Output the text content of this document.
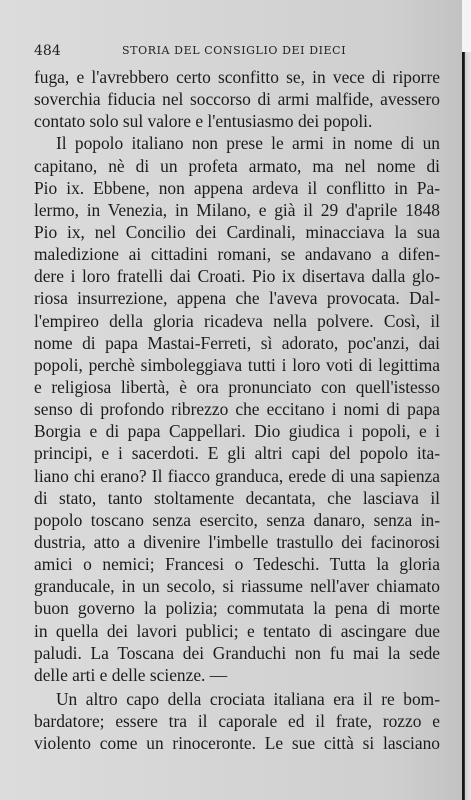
484	STORIA DEL CONSIGLIO DEI DIECI
fuga, e l'avrebbero certo sconfitto se, in vece di riporre
soverchia fiducia nel soccorso di armi malfide, avessero
contato solo sul valore e l'entusiasmo dei popoli.
Il popolo italiano non prese le armi in nome di un
capitano, nè di un profeta armato, ma nel nome di
Pio ix. Ebbene, non appena ardeva il conflitto in Pa-
lermo, in Venezia, in Milano, e già il 29 d'aprile 1848
Pio ix, nel Concilio dei Cardinali, minacciava la sua
maledizione ai cittadini romani, se andavano a difen-
dere i loro fratelli dai Croati. Pio ix disertava dalla glo-
riosa insurrezione, appena che l'aveva provocata. Dal-
l'empireo della gloria ricadeva nella polvere. Così, il
nome di papa Mastai-Ferreti, sì adorato, poc'anzi, dai
popoli, perchè simboleggiava tutti i loro voti di legittima
e religiosa libertà, è ora pronunciato con quell'istesso
senso di profondo ribrezzo che eccitano i nomi di papa
Borgia e di papa Cappellari. Dio giudica i popoli, e i
principi, e i sacerdoti. E gli altri capi del popolo ita-
liano chi erano? Il fiacco granduca, erede di una sapienza
di stato, tanto stoltamente decantata, che lasciava il
popolo toscano senza esercito, senza danaro, senza in-
dustria, atto a divenire l'imbelle trastullo dei facinorosi
amici o nemici; Francesi o Tedeschi. Tutta la gloria
granducale, in un secolo, si riassume nell'aver chiamato
buon governo la polizia; commutata la pena di morte
in quella dei lavori publici; e tentato di ascingare due
paludi. La Toscana dei Granduchi non fu mai la sede
delle arti e delle scienze. —
Un altro capo della crociata italiana era il re bom-
bardatore; essere tra il caporale ed il frate, rozzo e
violento come un rinoceronte. Le sue città si lasciano
